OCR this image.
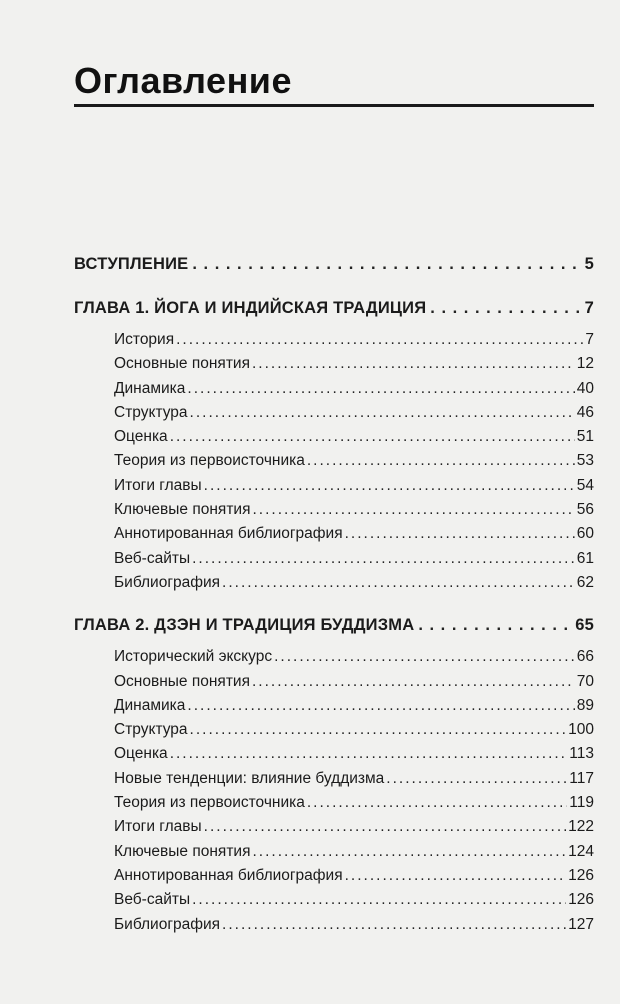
Оглавление
ВСТУПЛЕНИЕ . . .	5
ГЛАВА 1. ЙОГА И ИНДИЙСКАЯ ТРАДИЦИЯ . . .	7
История .....	7
Основные понятия .....	12
Динамика .....	40
Структура .....	46
Оценка .....	51
Теория из первоисточника .....	53
Итоги главы .....	54
Ключевые понятия .....	56
Аннотированная библиография .....	60
Веб-сайты .....	61
Библиография .....	62
ГЛАВА 2. ДЗЭН И ТРАДИЦИЯ БУДДИЗМА . . .	65
Исторический экскурс .....	66
Основные понятия .....	70
Динамика .....	89
Структура .....	100
Оценка .....	113
Новые тенденции: влияние буддизма .....	117
Теория из первоисточника .....	119
Итоги главы .....	122
Ключевые понятия .....	124
Аннотированная библиография .....	126
Веб-сайты .....	126
Библиография .....	127
